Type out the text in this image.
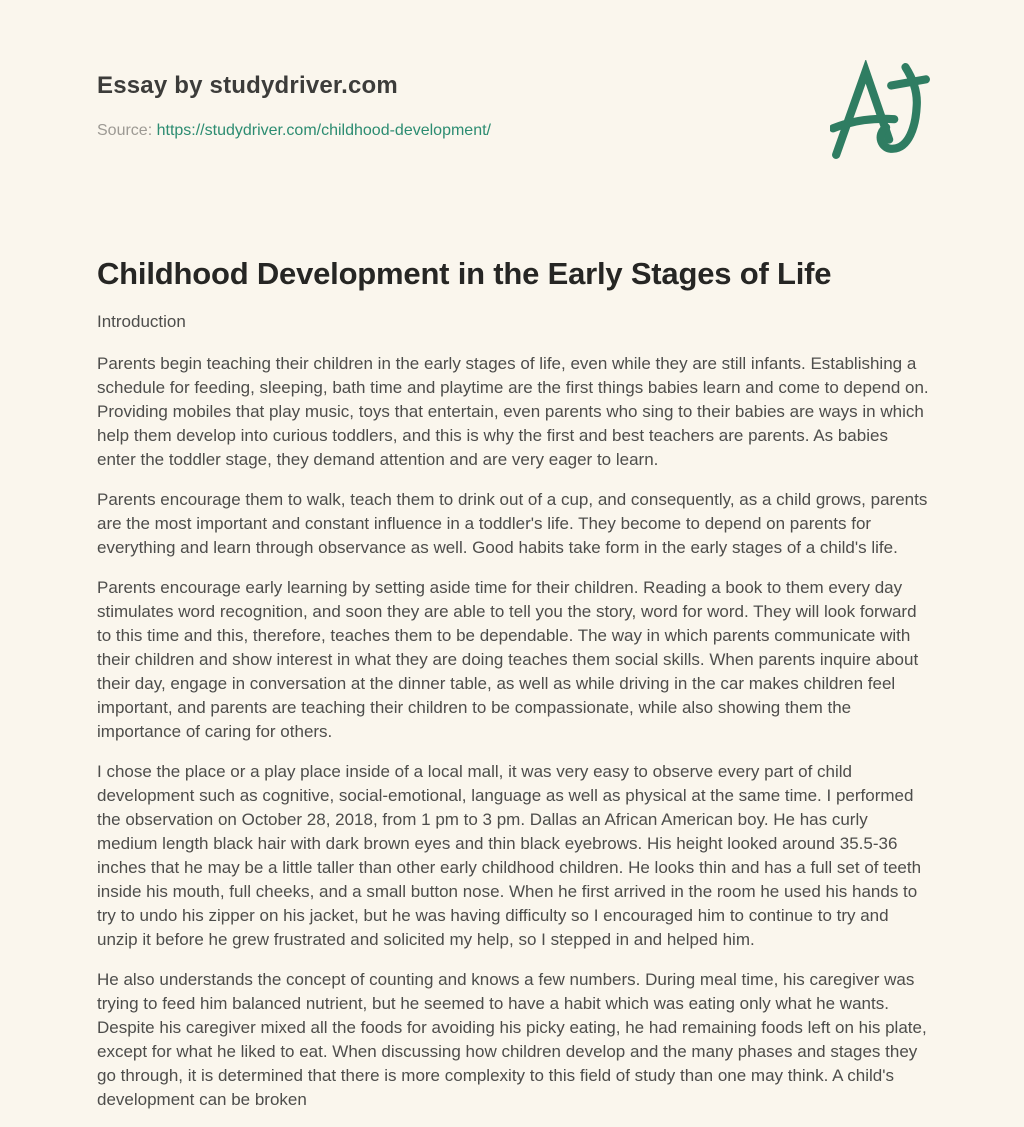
Essay by studydriver.com

Source: https://studydriver.com/childhood-development/

Childhood Development in the Early Stages of Life

Introduction

Parents begin teaching their children in the early stages of life, even while they are still infants. Establishing a schedule for feeding, sleeping, bath time and playtime are the first things babies learn and come to depend on. Providing mobiles that play music, toys that entertain, even parents who sing to their babies are ways in which help them develop into curious toddlers, and this is why the first and best teachers are parents. As babies enter the toddler stage, they demand attention and are very eager to learn.

Parents encourage them to walk, teach them to drink out of a cup, and consequently, as a child grows, parents are the most important and constant influence in a toddler's life. They become to depend on parents for everything and learn through observance as well. Good habits take form in the early stages of a child's life.

Parents encourage early learning by setting aside time for their children. Reading a book to them every day stimulates word recognition, and soon they are able to tell you the story, word for word. They will look forward to this time and this, therefore, teaches them to be dependable. The way in which parents communicate with their children and show interest in what they are doing teaches them social skills. When parents inquire about their day, engage in conversation at the dinner table, as well as while driving in the car makes children feel important, and parents are teaching their children to be compassionate, while also showing them the importance of caring for others.

I chose the place or a play place inside of a local mall, it was very easy to observe every part of child development such as cognitive, social-emotional, language as well as physical at the same time. I performed the observation on October 28, 2018, from 1 pm to 3 pm. Dallas an African American boy. He has curly medium length black hair with dark brown eyes and thin black eyebrows. His height looked around 35.5-36 inches that he may be a little taller than other early childhood children. He looks thin and has a full set of teeth inside his mouth, full cheeks, and a small button nose. When he first arrived in the room he used his hands to try to undo his zipper on his jacket, but he was having difficulty so I encouraged him to continue to try and unzip it before he grew frustrated and solicited my help, so I stepped in and helped him.

He also understands the concept of counting and knows a few numbers. During meal time, his caregiver was trying to feed him balanced nutrient, but he seemed to have a habit which was eating only what he wants. Despite his caregiver mixed all the foods for avoiding his picky eating, he had remaining foods left on his plate, except for what he liked to eat. When discussing how children develop and the many phases and stages they go through, it is determined that there is more complexity to this field of study than one may think. A child's development can be broken
